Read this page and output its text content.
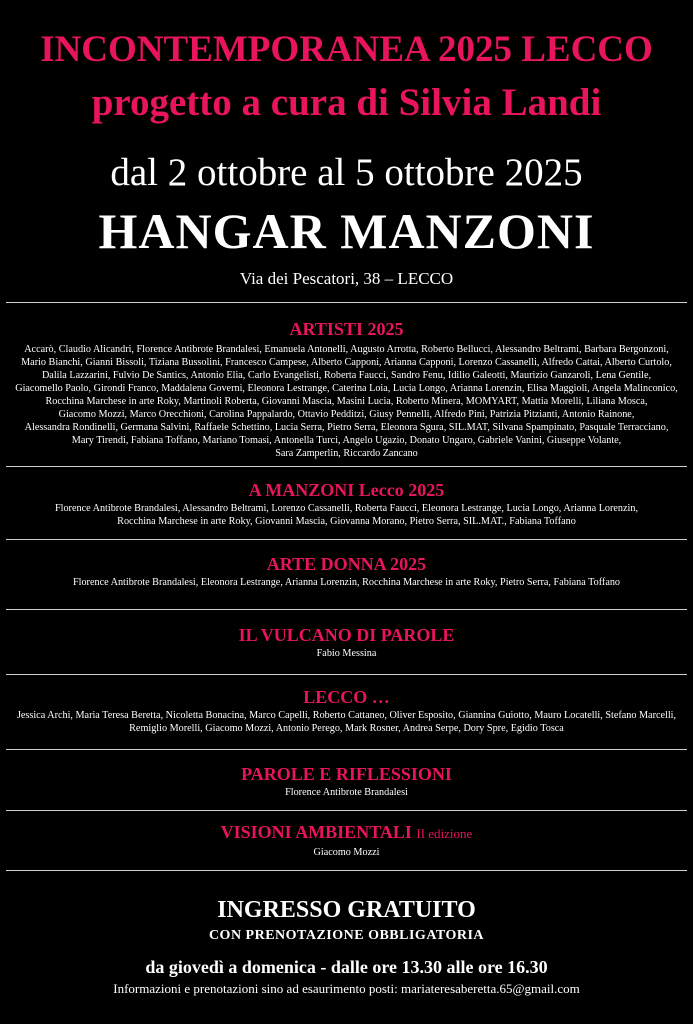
INCONTEMPORANEA 2025 LECCO
progetto a cura di Silvia Landi
dal 2 ottobre al 5 ottobre 2025
HANGAR MANZONI
Via dei Pescatori, 38 – LECCO
ARTISTI 2025
Accarò, Claudio Alicandri, Florence Antibrote Brandalesi, Emanuela Antonelli, Augusto Arrotta, Roberto Bellucci, Alessandro Beltrami, Barbara Bergonzoni,
Mario Bianchi, Gianni Bissoli, Tiziana Bussolini, Francesco Campese, Alberto Capponi, Arianna Capponi, Lorenzo Cassanelli, Alfredo Cattai, Alberto Curtolo,
Dalila Lazzarini, Fulvio De Santics, Antonio Elia, Carlo Evangelisti, Roberta Faucci, Sandro Fenu, Idilio Galeotti, Maurizio Ganzaroli, Lena Gentile,
Giacomello Paolo, Girondi Franco, Maddalena Governi, Eleonora Lestrange, Caterina Loia, Lucia Longo, Arianna Lorenzin, Elisa Maggioli, Angela Malinconico,
Rocchina Marchese in arte Roky, Martinoli Roberta, Giovanni Mascia, Masini Lucia, Roberto Minera, MOMYART, Mattia Morelli, Liliana Mosca,
Giacomo Mozzi, Marco Orecchioni, Carolina Pappalardo, Ottavio Pedditzi, Giusy Pennelli, Alfredo Pini, Patrizia Pitzianti, Antonio Rainone,
Alessandra Rondinelli, Germana Salvini, Raffaele Schettino, Lucia Serra, Pietro Serra, Eleonora Sgura, SIL.MAT, Silvana Spampinato, Pasquale Terracciano,
Mary Tirendi, Fabiana Toffano, Mariano Tomasi, Antonella Turci, Angelo Ugazio, Donato Ungaro, Gabriele Vanini, Giuseppe Volante,
Sara Zamperlin, Riccardo Zancano
A MANZONI Lecco 2025
Florence Antibrote Brandalesi, Alessandro Beltrami, Lorenzo Cassanelli, Roberta Faucci, Eleonora Lestrange, Lucia Longo, Arianna Lorenzin,
Rocchina Marchese in arte Roky, Giovanni Mascia, Giovanna Morano, Pietro Serra, SIL.MAT., Fabiana Toffano
ARTE DONNA 2025
Florence Antibrote Brandalesi, Eleonora Lestrange, Arianna Lorenzin, Rocchina Marchese in arte Roky, Pietro Serra, Fabiana Toffano
IL VULCANO DI PAROLE
Fabio Messina
LECCO …
Jessica Archi, Maria Teresa Beretta, Nicoletta Bonacina, Marco Capelli, Roberto Cattaneo, Oliver Esposito, Giannina Guiotto, Mauro Locatelli, Stefano Marcelli,
Remiglio Morelli, Giacomo Mozzi, Antonio Perego, Mark Rosner, Andrea Serpe, Dory Spre, Egidio Tosca
PAROLE E RIFLESSIONI
Florence Antibrote Brandalesi
VISIONI AMBIENTALI II edizione
Giacomo Mozzi
INGRESSO GRATUITO
CON PRENOTAZIONE OBBLIGATORIA
da giovedì a domenica - dalle ore 13.30 alle ore 16.30
Informazioni e prenotazioni sino ad esaurimento posti: mariateresaberetta.65@gmail.com
